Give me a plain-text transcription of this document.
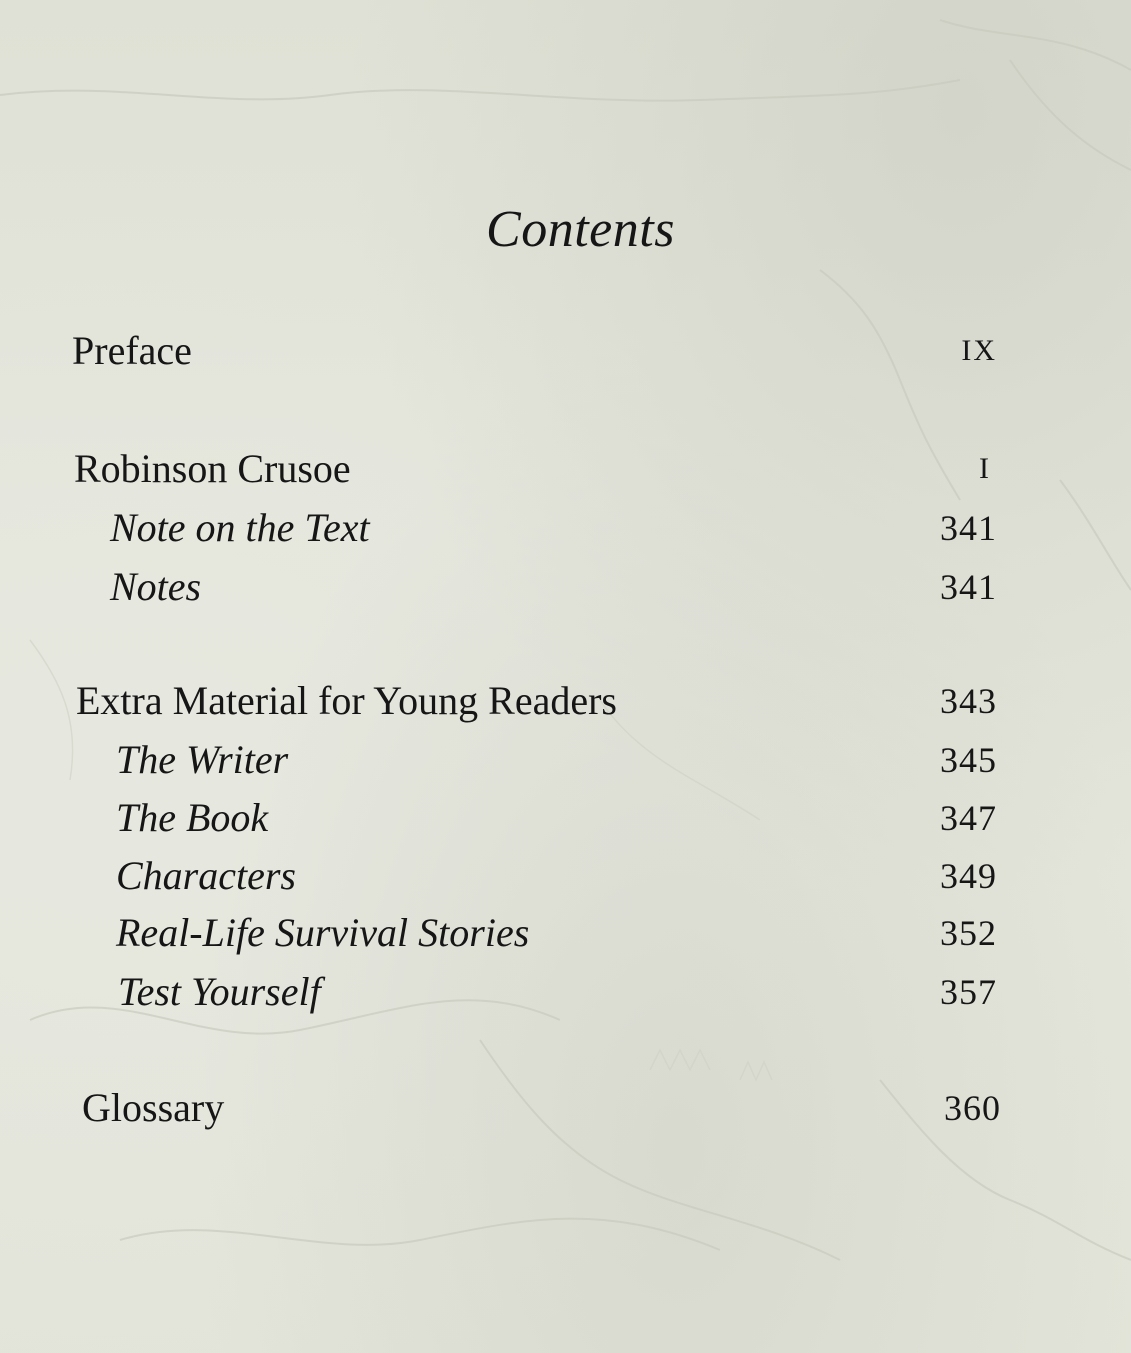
Contents
Preface	IX
Robinson Crusoe	I
Note on the Text	341
Notes	341
Extra Material for Young Readers	343
The Writer	345
The Book	347
Characters	349
Real-Life Survival Stories	352
Test Yourself	357
Glossary	360
